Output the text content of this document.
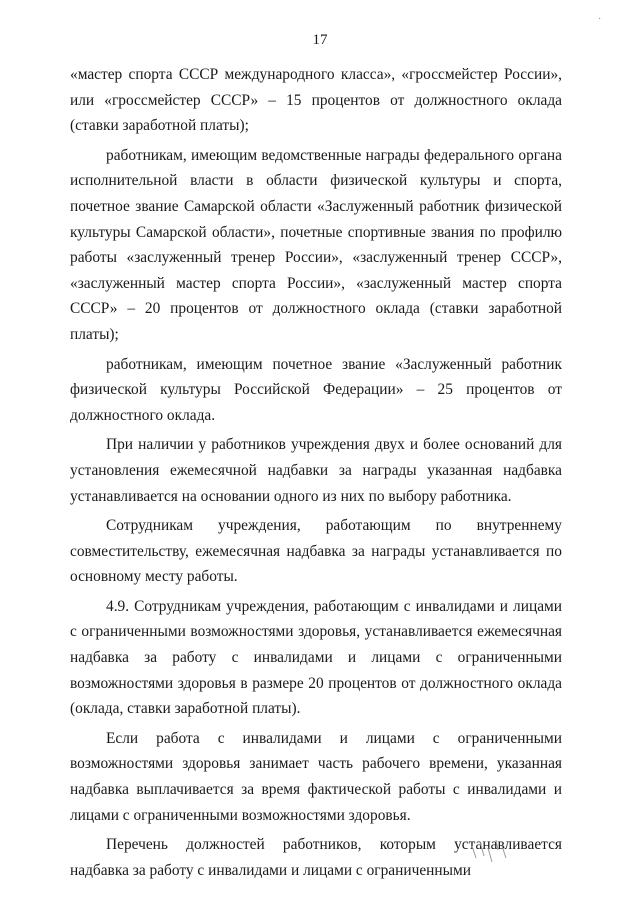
17

«мастер спорта СССР международного класса», «гроссмейстер России», или «гроссмейстер СССР» – 15 процентов от должностного оклада (ставки заработной платы);

работникам, имеющим ведомственные награды федерального органа исполнительной власти в области физической культуры и спорта, почетное звание Самарской области «Заслуженный работник физической культуры Самарской области», почетные спортивные звания по профилю работы «заслуженный тренер России», «заслуженный тренер СССР», «заслуженный мастер спорта России», «заслуженный мастер спорта СССР» – 20 процентов от должностного оклада (ставки заработной платы);

работникам, имеющим почетное звание «Заслуженный работник физической культуры Российской Федерации» – 25 процентов от должностного оклада.

При наличии у работников учреждения двух и более оснований для установления ежемесячной надбавки за награды указанная надбавка устанавливается на основании одного из них по выбору работника.

Сотрудникам учреждения, работающим по внутреннему совместительству, ежемесячная надбавка за награды устанавливается по основному месту работы.

4.9. Сотрудникам учреждения, работающим с инвалидами и лицами с ограниченными возможностями здоровья, устанавливается ежемесячная надбавка за работу с инвалидами и лицами с ограниченными возможностями здоровья в размере 20 процентов от должностного оклада (оклада, ставки заработной платы).

Если работа с инвалидами и лицами с ограниченными возможностями здоровья занимает часть рабочего времени, указанная надбавка выплачивается за время фактической работы с инвалидами и лицами с ограниченными возможностями здоровья.

Перечень должностей работников, которым устанавливается надбавка за работу с инвалидами и лицами с ограниченными

·
